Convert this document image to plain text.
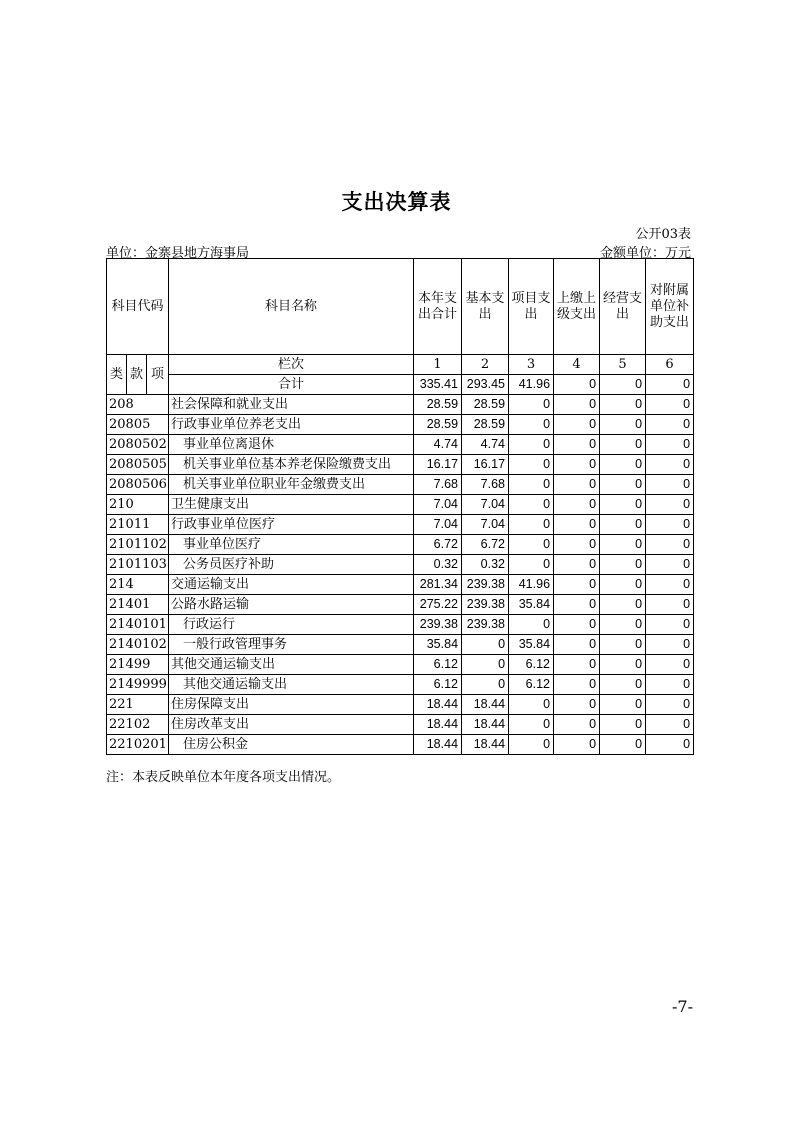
支出决算表
公开03表
单位：金寨县地方海事局	金额单位：万元
科目代码			科目名称	本年支出合计	基本支出	项目支出	上缴上级支出	经营支出	对附属单位补助支出
类	款	项	栏次	1	2	3	4	5	6
			合计	335.41	293.45	41.96	0	0	0
208			社会保障和就业支出	28.59	28.59	0	0	0	0
20805			行政事业单位养老支出	28.59	28.59	0	0	0	0
2080502			事业单位离退休	4.74	4.74	0	0	0	0
2080505			机关事业单位基本养老保险缴费支出	16.17	16.17	0	0	0	0
2080506			机关事业单位职业年金缴费支出	7.68	7.68	0	0	0	0
210			卫生健康支出	7.04	7.04	0	0	0	0
21011			行政事业单位医疗	7.04	7.04	0	0	0	0
2101102			事业单位医疗	6.72	6.72	0	0	0	0
2101103			公务员医疗补助	0.32	0.32	0	0	0	0
214			交通运输支出	281.34	239.38	41.96	0	0	0
21401			公路水路运输	275.22	239.38	35.84	0	0	0
2140101			行政运行	239.38	239.38	0	0	0	0
2140102			一般行政管理事务	35.84	0	35.84	0	0	0
21499			其他交通运输支出	6.12	0	6.12	0	0	0
2149999			其他交通运输支出	6.12	0	6.12	0	0	0
221			住房保障支出	18.44	18.44	0	0	0	0
22102			住房改革支出	18.44	18.44	0	0	0	0
2210201			住房公积金	18.44	18.44	0	0	0	0
注：本表反映单位本年度各项支出情况。
-7-
